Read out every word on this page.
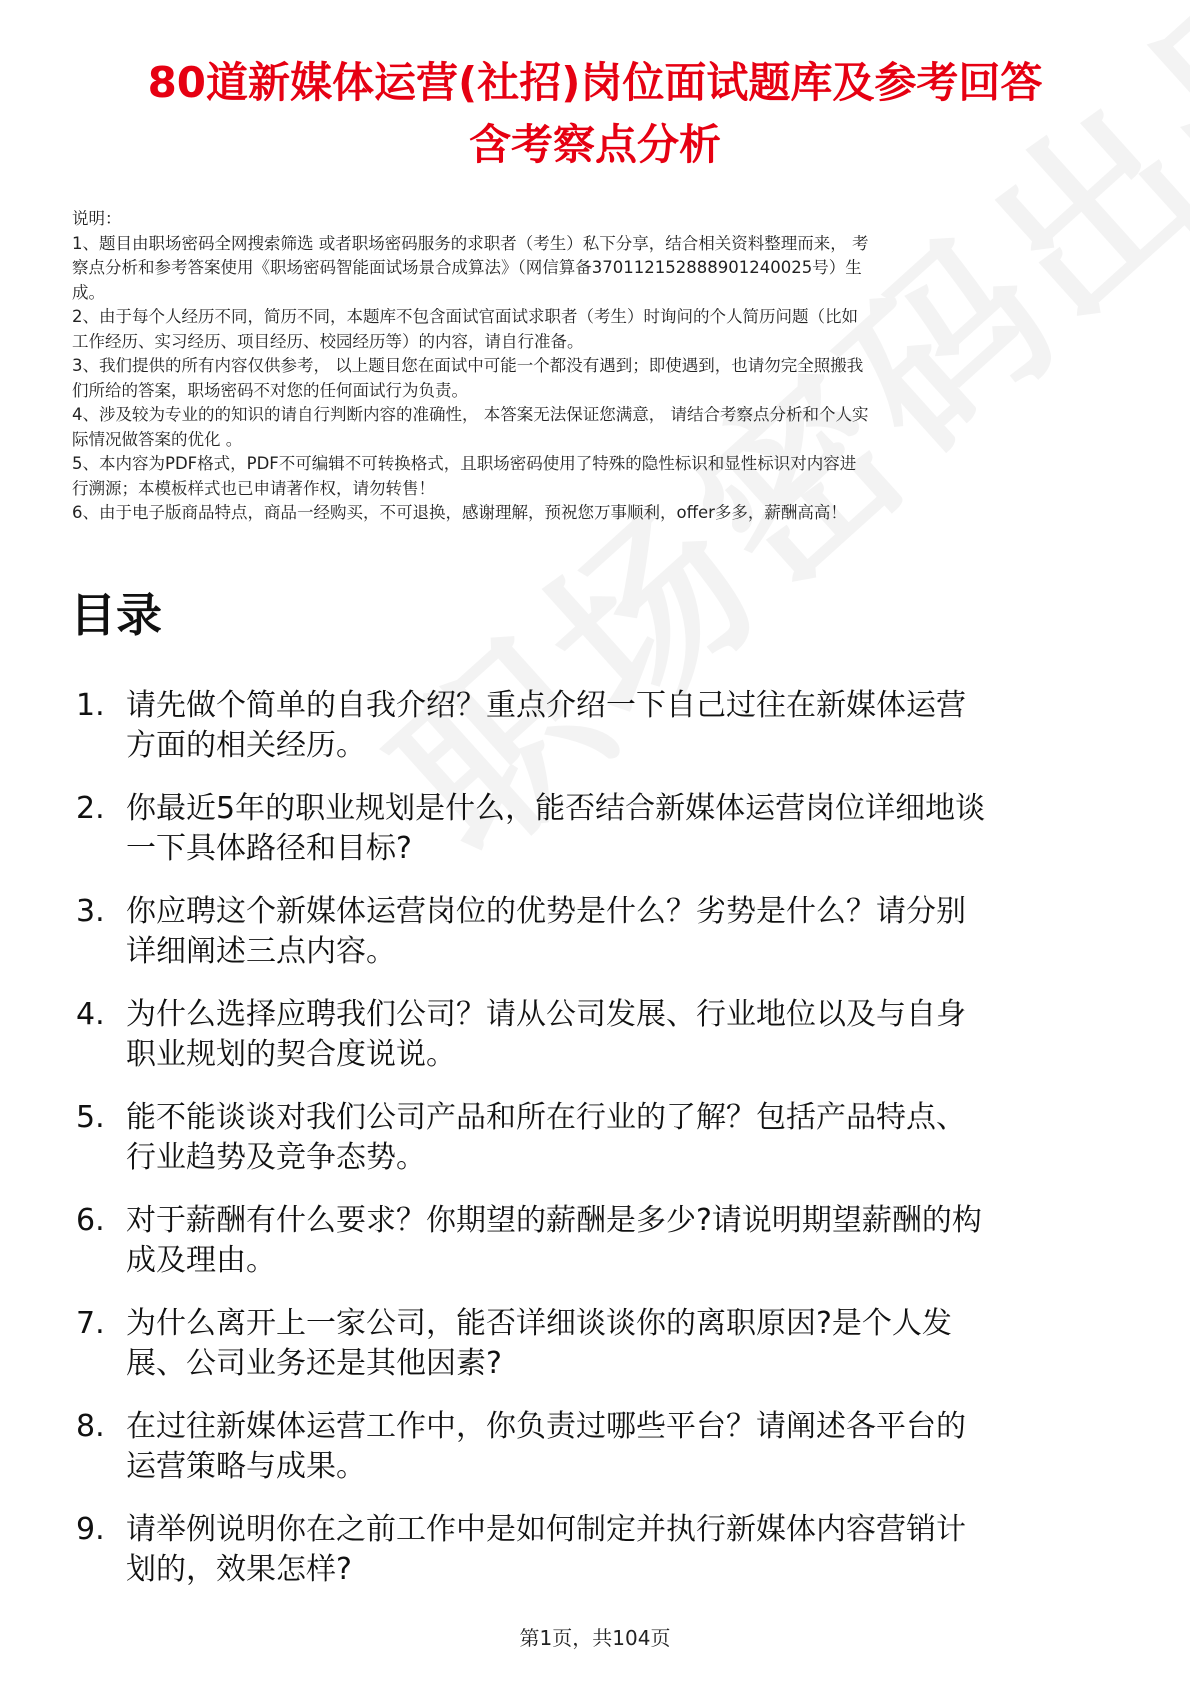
80道新媒体运营(社招)岗位面试题库及参考回答
含考察点分析
说明：
1、题目由职场密码全网搜索筛选 或者职场密码服务的求职者（考生）私下分享，结合相关资料整理而来， 考
察点分析和参考答案使用《职场密码智能面试场景合成算法》（网信算备370112152888901240025号）生
成。
2、由于每个人经历不同，简历不同，本题库不包含面试官面试求职者（考生）时询问的个人简历问题（比如
工作经历、实习经历、项目经历、校园经历等）的内容，请自行准备。
3、我们提供的所有内容仅供参考， 以上题目您在面试中可能一个都没有遇到；即使遇到，也请勿完全照搬我
们所给的答案，职场密码不对您的任何面试行为负责。
4、涉及较为专业的的知识的请自行判断内容的准确性， 本答案无法保证您满意， 请结合考察点分析和个人实
际情况做答案的优化 。
5、本内容为PDF格式，PDF不可编辑不可转换格式，且职场密码使用了特殊的隐性标识和显性标识对内容进
行溯源；本模板样式也已申请著作权，请勿转售！
6、由于电子版商品特点，商品一经购买，不可退换，感谢理解，预祝您万事顺利，offer多多，薪酬高高！
目录
1. 请先做个简单的自我介绍？重点介绍一下自己过往在新媒体运营
方面的相关经历。
2. 你最近5年的职业规划是什么，能否结合新媒体运营岗位详细地谈
一下具体路径和目标?
3. 你应聘这个新媒体运营岗位的优势是什么？劣势是什么？请分别
详细阐述三点内容。
4. 为什么选择应聘我们公司？请从公司发展、行业地位以及与自身
职业规划的契合度说说。
5. 能不能谈谈对我们公司产品和所在行业的了解？包括产品特点、
行业趋势及竞争态势。
6. 对于薪酬有什么要求？你期望的薪酬是多少?请说明期望薪酬的构
成及理由。
7. 为什么离开上一家公司，能否详细谈谈你的离职原因?是个人发
展、公司业务还是其他因素?
8. 在过往新媒体运营工作中，你负责过哪些平台？请阐述各平台的
运营策略与成果。
9. 请举例说明你在之前工作中是如何制定并执行新媒体内容营销计
划的，效果怎样?
第1页，共104页
